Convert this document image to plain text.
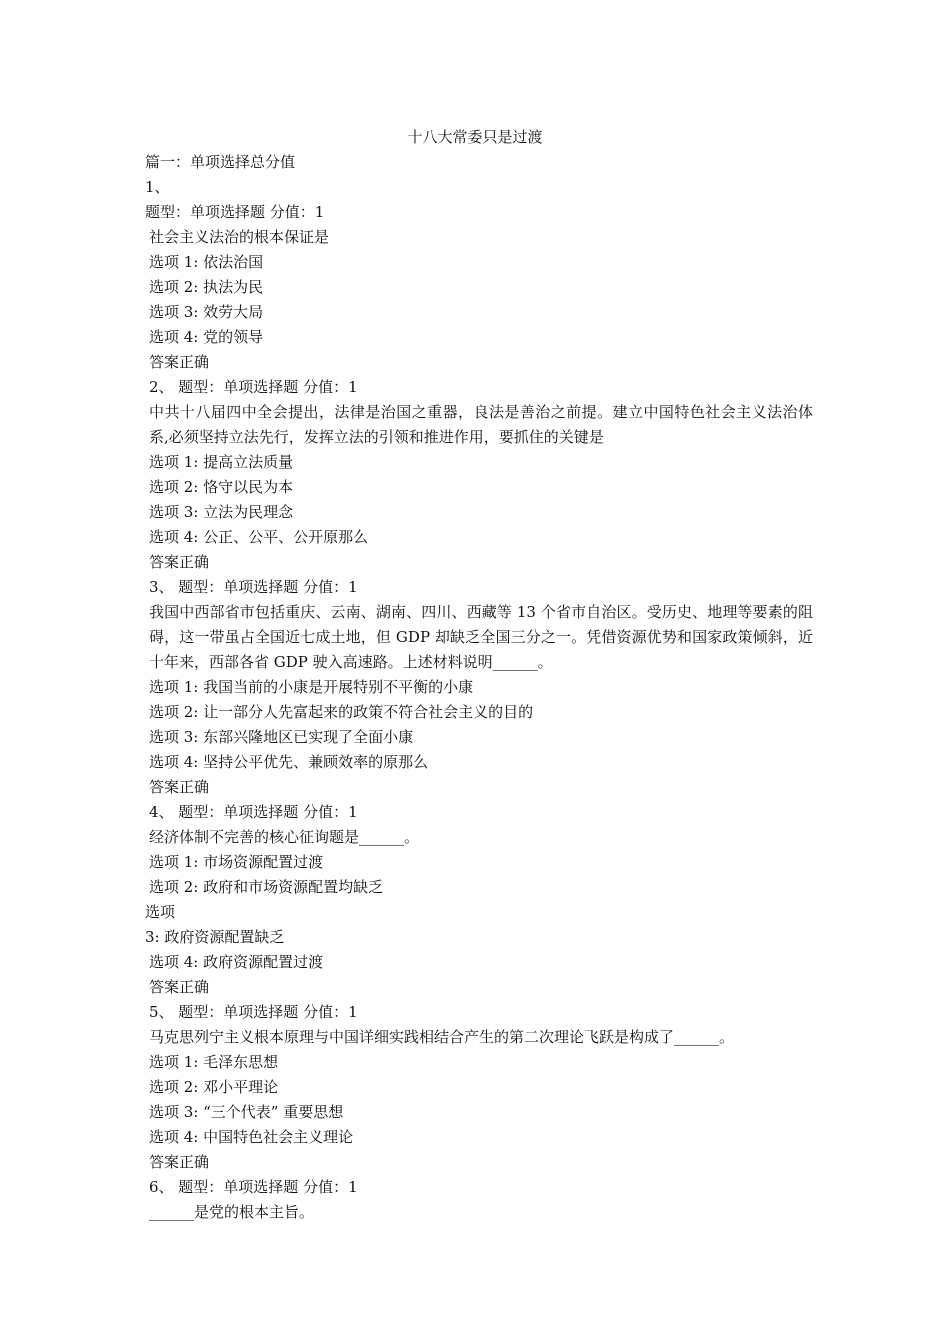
十八大常委只是过渡
篇一：单项选择总分值
1、
题型：单项选择题 分值：1
社会主义法治的根本保证是
选项 1: 依法治国
选项 2: 执法为民
选项 3: 效劳大局
选项 4: 党的领导
答案正确
2、 题型：单项选择题 分值：1
中共十八届四中全会提出，法律是治国之重器，良法是善治之前提。建立中国特色社会主义法治体系,必须坚持立法先行，发挥立法的引领和推进作用，要抓住的关键是
选项 1: 提高立法质量
选项 2: 恪守以民为本
选项 3: 立法为民理念
选项 4: 公正、公平、公开原那么
答案正确
3、 题型：单项选择题 分值：1
我国中西部省市包括重庆、云南、湖南、四川、西藏等 13 个省市自治区。受历史、地理等要素的阻碍，这一带虽占全国近七成土地，但 GDP 却缺乏全国三分之一。凭借资源优势和国家政策倾斜，近十年来，西部各省 GDP 驶入高速路。上述材料说明______。
选项 1: 我国当前的小康是开展特别不平衡的小康
选项 2: 让一部分人先富起来的政策不符合社会主义的目的
选项 3: 东部兴隆地区已实现了全面小康
选项 4: 坚持公平优先、兼顾效率的原那么
答案正确
4、 题型：单项选择题 分值：1
经济体制不完善的核心征询题是______。
选项 1: 市场资源配置过渡
选项 2: 政府和市场资源配置均缺乏
选项
3: 政府资源配置缺乏
选项 4: 政府资源配置过渡
答案正确
5、 题型：单项选择题 分值：1
马克思列宁主义根本原理与中国详细实践相结合产生的第二次理论飞跃是构成了______。
选项 1: 毛泽东思想
选项 2: 邓小平理论
选项 3: “三个代表” 重要思想
选项 4: 中国特色社会主义理论
答案正确
6、 题型：单项选择题 分值：1
______是党的根本主旨。
